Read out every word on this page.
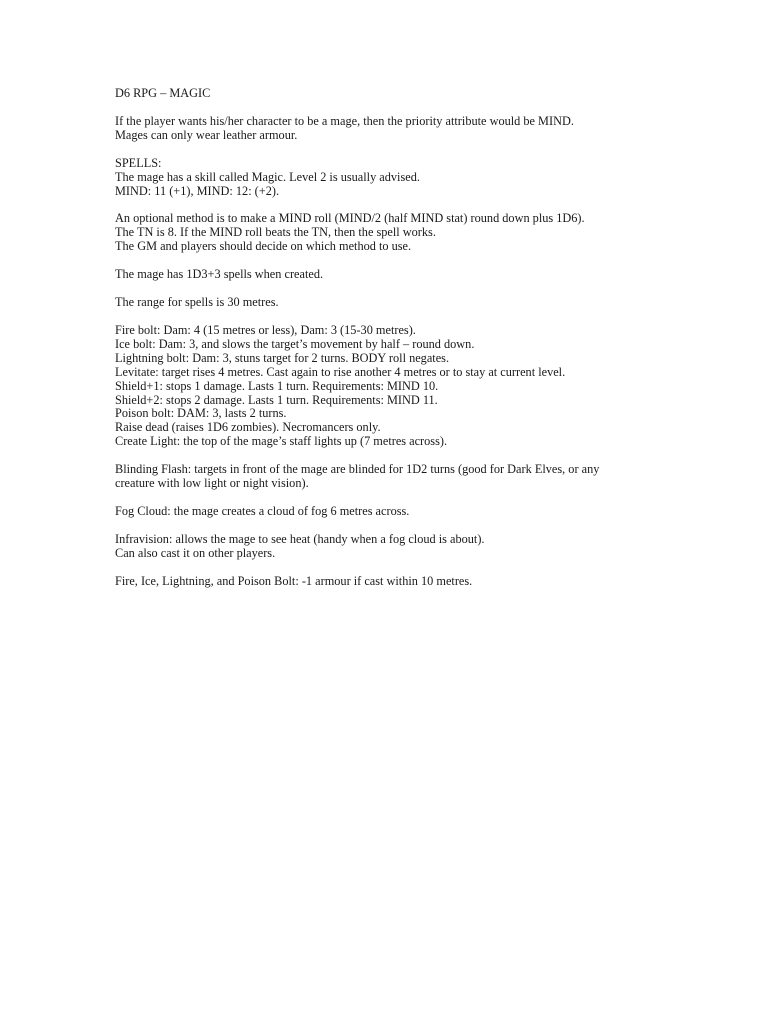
D6 RPG – MAGIC
If the player wants his/her character to be a mage, then the priority attribute would be MIND.
Mages can only wear leather armour.
SPELLS:
The mage has a skill called Magic. Level 2 is usually advised.
MIND: 11 (+1), MIND: 12: (+2).
An optional method is to make a MIND roll (MIND/2 (half MIND stat) round down plus 1D6).
The TN is 8. If the MIND roll beats the TN, then the spell works.
The GM and players should decide on which method to use.
The mage has 1D3+3 spells when created.
The range for spells is 30 metres.
Fire bolt: Dam: 4 (15 metres or less), Dam: 3 (15-30 metres).
Ice bolt: Dam: 3, and slows the target’s movement by half – round down.
Lightning bolt: Dam: 3, stuns target for 2 turns. BODY roll negates.
Levitate: target rises 4 metres. Cast again to rise another 4 metres or to stay at current level.
Shield+1: stops 1 damage. Lasts 1 turn. Requirements: MIND 10.
Shield+2: stops 2 damage. Lasts 1 turn. Requirements: MIND 11.
Poison bolt: DAM: 3, lasts 2 turns.
Raise dead (raises 1D6 zombies). Necromancers only.
Create Light: the top of the mage’s staff lights up (7 metres across).
Blinding Flash: targets in front of the mage are blinded for 1D2 turns (good for Dark Elves, or any
creature with low light or night vision).
Fog Cloud: the mage creates a cloud of fog 6 metres across.
Infravision: allows the mage to see heat (handy when a fog cloud is about).
Can also cast it on other players.
Fire, Ice, Lightning, and Poison Bolt: -1 armour if cast within 10 metres.
